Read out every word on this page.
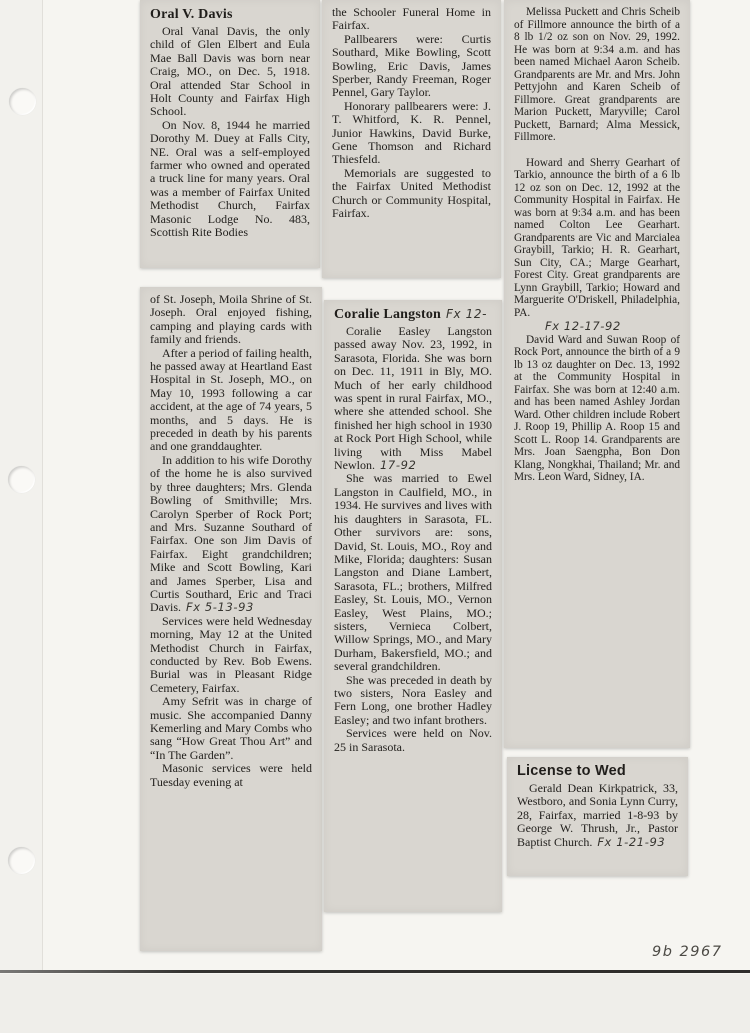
Oral V. Davis

Oral Vanal Davis, the only child of Glen Elbert and Eula Mae Ball Davis was born near Craig, MO., on Dec. 5, 1918. Oral attended Star School in Holt County and Fairfax High School.

On Nov. 8, 1944 he married Dorothy M. Duey at Falls City, NE. Oral was a self-employed farmer who owned and operated a truck line for many years. Oral was a member of Fairfax United Methodist Church, Fairfax Masonic Lodge No. 483, Scottish Rite Bodies

of St. Joseph, Moila Shrine of St. Joseph. Oral enjoyed fishing, camping and playing cards with family and friends.

After a period of failing health, he passed away at Heartland East Hospital in St. Joseph, MO., on May 10, 1993 following a car accident, at the age of 74 years, 5 months, and 5 days. He is preceded in death by his parents and one granddaughter.

In addition to his wife Dorothy of the home he is also survived by three daughters; Mrs. Glenda Bowling of Smithville; Mrs. Carolyn Sperber of Rock Port; and Mrs. Suzanne Southard of Fairfax. One son Jim Davis of Fairfax. Eight grandchildren; Mike and Scott Bowling, Kari and James Sperber, Lisa and Curtis Southard, Eric and Traci Davis. Fx 5-13-93

Services were held Wednesday morning, May 12 at the United Methodist Church in Fairfax, conducted by Rev. Bob Ewens. Burial was in Pleasant Ridge Cemetery, Fairfax.

Amy Sefrit was in charge of music. She accompanied Danny Kemerling and Mary Combs who sang “How Great Thou Art” and “In The Garden”.

Masonic services were held Tuesday evening at

the Schooler Funeral Home in Fairfax.

Pallbearers were: Curtis Southard, Mike Bowling, Scott Bowling, Eric Davis, James Sperber, Randy Freeman, Roger Pennel, Gary Taylor.

Honorary pallbearers were: J. T. Whitford, K. R. Pennel, Junior Hawkins, David Burke, Gene Thomson and Richard Thiesfeld.

Memorials are suggested to the Fairfax United Methodist Church or Community Hospital, Fairfax.

Coralie Langston Fx 12-

Coralie Easley Langston passed away Nov. 23, 1992, in Sarasota, Florida. She was born on Dec. 11, 1911 in Bly, MO. Much of her early childhood was spent in rural Fairfax, MO., where she attended school. She finished her high school in 1930 at Rock Port High School, while living with Miss Mabel Newlon. 17-92

She was married to Ewel Langston in Caulfield, MO., in 1934. He survives and lives with his daughters in Sarasota, FL. Other survivors are: sons, David, St. Louis, MO., Roy and Mike, Florida; daughters: Susan Langston and Diane Lambert, Sarasota, FL.; brothers, Milfred Easley, St. Louis, MO., Vernon Easley, West Plains, MO.; sisters, Vernieca Colbert, Willow Springs, MO., and Mary Durham, Bakersfield, MO.; and several grandchildren.

She was preceded in death by two sisters, Nora Easley and Fern Long, one brother Hadley Easley; and two infant brothers.

Services were held on Nov. 25 in Sarasota.

Melissa Puckett and Chris Scheib of Fillmore announce the birth of a 8 lb 1/2 oz son on Nov. 29, 1992. He was born at 9:34 a.m. and has been named Michael Aaron Scheib. Grandparents are Mr. and Mrs. John Pettyjohn and Karen Scheib of Fillmore. Great grandparents are Marion Puckett, Maryville; Carol Puckett, Barnard; Alma Messick, Fillmore.

Howard and Sherry Gearhart of Tarkio, announce the birth of a 6 lb 12 oz son on Dec. 12, 1992 at the Community Hospital in Fairfax. He was born at 9:34 a.m. and has been named Colton Lee Gearhart. Grandparents are Vic and Marcialea Graybill, Tarkio; H. R. Gearhart, Sun City, CA.; Marge Gearhart, Forest City. Great grandparents are Lynn Graybill, Tarkio; Howard and Marguerite O'Driskell, Philadelphia, PA.

Fx 12-17-92

David Ward and Suwan Roop of Rock Port, announce the birth of a 9 lb 13 oz daughter on Dec. 13, 1992 at the Community Hospital in Fairfax. She was born at 12:40 a.m. and has been named Ashley Jordan Ward. Other children include Robert J. Roop 19, Phillip A. Roop 15 and Scott L. Roop 14. Grandparents are Mrs. Joan Saengpha, Bon Don Klang, Nongkhai, Thailand; Mr. and Mrs. Leon Ward, Sidney, IA.

License to Wed

Gerald Dean Kirkpatrick, 33, Westboro, and Sonia Lynn Curry, 28, Fairfax, married 1-8-93 by George W. Thrush, Jr., Pastor Baptist Church. Fx 1-21-93

9b 2967
